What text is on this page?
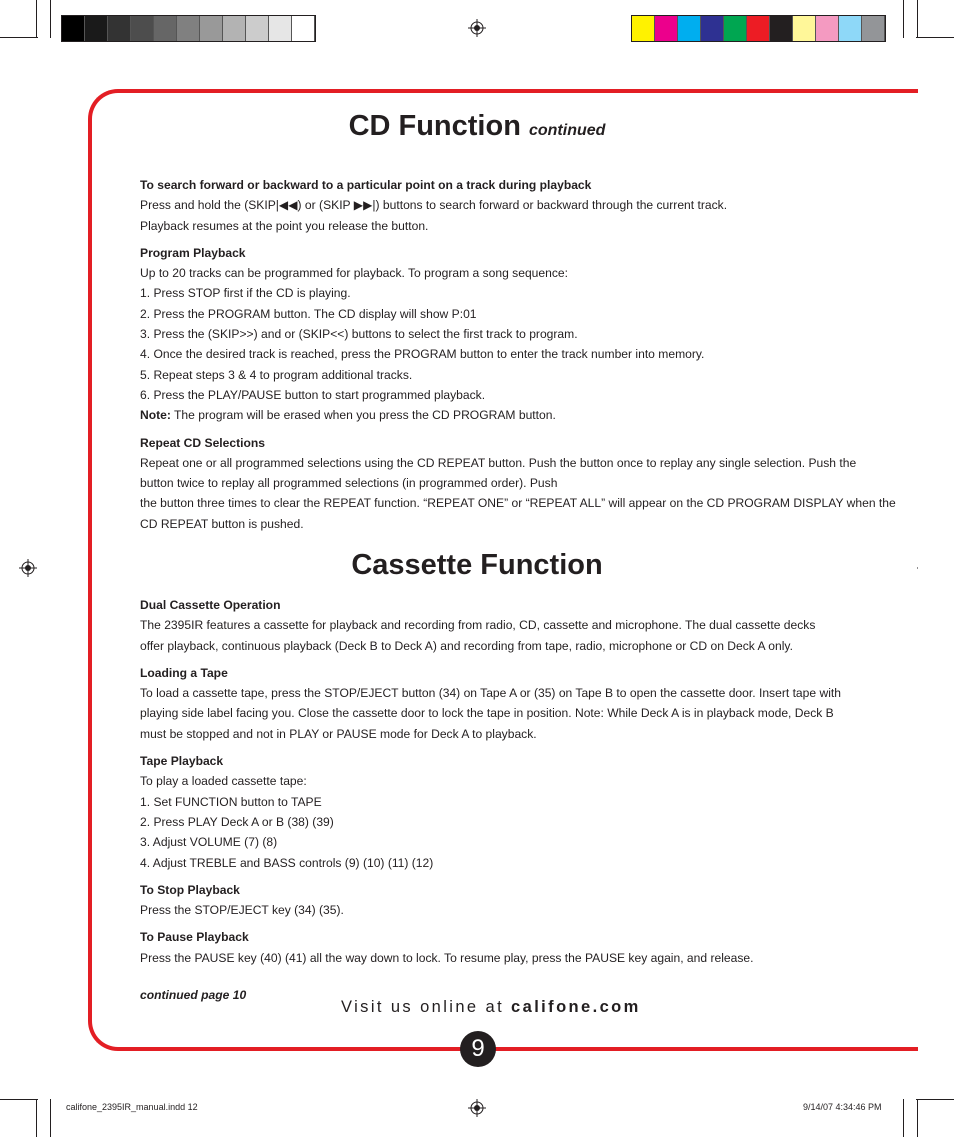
CD Function continued

To search forward or backward to a particular point on a track during playback

Press and hold the (SKIP|◀◀) or (SKIP ▶▶|) buttons to search forward or backward through the current track.

Playback resumes at the point you release the button.

Program Playback

Up to 20 tracks can be programmed for playback. To program a song sequence:

1. Press STOP first if the CD is playing.

2. Press the PROGRAM button. The CD display will show P:01

3. Press the (SKIP>>) and or (SKIP<<) buttons to select the first track to program.

4. Once the desired track is reached, press the PROGRAM button to enter the track number into memory.

5. Repeat steps 3 & 4 to program additional tracks.

6. Press the PLAY/PAUSE button to start programmed playback.

Note: The program will be erased when you press the CD PROGRAM button.

Repeat CD Selections

Repeat one or all programmed selections using the CD REPEAT button. Push the button once to replay any single selection. Push the

button twice to replay all programmed selections (in programmed order). Push

the button three times to clear the REPEAT function. “REPEAT ONE” or “REPEAT ALL” will appear on the CD PROGRAM DISPLAY when the

CD REPEAT button is pushed.

Cassette Function

Dual Cassette Operation

The 2395IR features a cassette for playback and recording from radio, CD, cassette and microphone. The dual cassette decks

offer playback, continuous playback (Deck B to Deck A) and recording from tape, radio, microphone or CD on Deck A only.

Loading a Tape

To load a cassette tape, press the STOP/EJECT button (34) on Tape A or (35) on Tape B to open the cassette door. Insert tape with

playing side label facing you. Close the cassette door to lock the tape in position. Note: While Deck A is in playback mode, Deck B

must be stopped and not in PLAY or PAUSE mode for Deck A to playback.

Tape Playback

To play a loaded cassette tape:

1. Set FUNCTION button to TAPE

2. Press PLAY Deck A or B (38) (39)

3. Adjust VOLUME (7) (8)

4. Adjust TREBLE and BASS controls (9) (10) (11) (12)

To Stop Playback

Press the STOP/EJECT key (34) (35).

To Pause Playback

Press the PAUSE key (40) (41) all the way down to lock. To resume play, press the PAUSE key again, and release.

continued page 10
Visit us online at califone.com
9
califone_2395IR_manual.indd 12	9/14/07 4:34:46 PM
